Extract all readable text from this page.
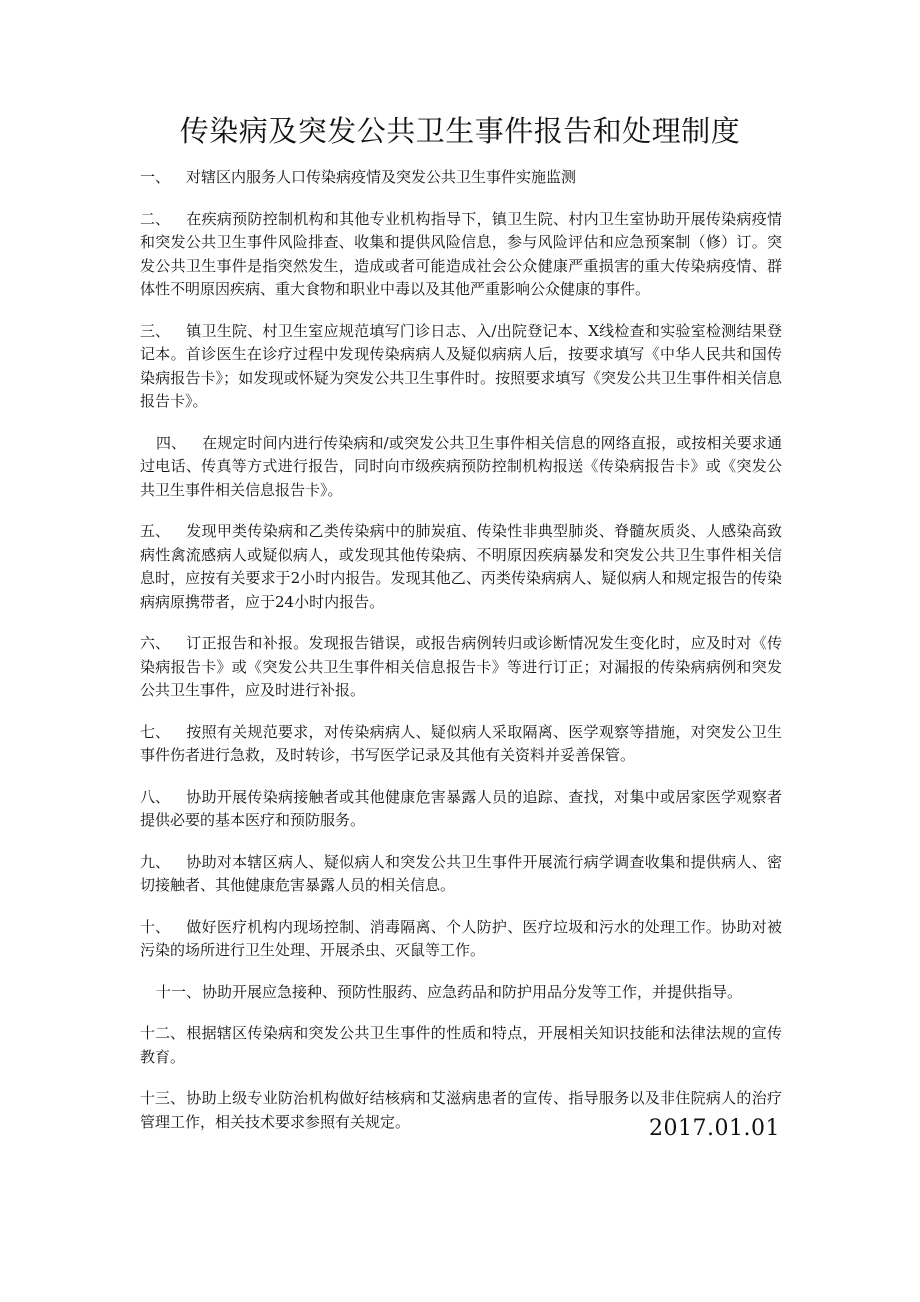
传染病及突发公共卫生事件报告和处理制度

一、 对辖区内服务人口传染病疫情及突发公共卫生事件实施监测

二、 在疾病预防控制机构和其他专业机构指导下，镇卫生院、村内卫生室协助开展传染病疫情和突发公共卫生事件风险排查、收集和提供风险信息，参与风险评估和应急预案制（修）订。突发公共卫生事件是指突然发生，造成或者可能造成社会公众健康严重损害的重大传染病疫情、群体性不明原因疾病、重大食物和职业中毒以及其他严重影响公众健康的事件。

三、 镇卫生院、村卫生室应规范填写门诊日志、入/出院登记本、X线检查和实验室检测结果登记本。首诊医生在诊疗过程中发现传染病病人及疑似病病人后，按要求填写《中华人民共和国传染病报告卡》；如发现或怀疑为突发公共卫生事件时。按照要求填写《突发公共卫生事件相关信息报告卡》。

四、 在规定时间内进行传染病和/或突发公共卫生事件相关信息的网络直报，或按相关要求通过电话、传真等方式进行报告，同时向市级疾病预防控制机构报送《传染病报告卡》或《突发公共卫生事件相关信息报告卡》。

五、 发现甲类传染病和乙类传染病中的肺炭疽、传染性非典型肺炎、脊髓灰质炎、人感染高致病性禽流感病人或疑似病人，或发现其他传染病、不明原因疾病暴发和突发公共卫生事件相关信息时，应按有关要求于2小时内报告。发现其他乙、丙类传染病病人、疑似病人和规定报告的传染病病原携带者，应于24小时内报告。

六、 订正报告和补报。发现报告错误，或报告病例转归或诊断情况发生变化时，应及时对《传染病报告卡》或《突发公共卫生事件相关信息报告卡》等进行订正；对漏报的传染病病例和突发公共卫生事件，应及时进行补报。

七、 按照有关规范要求，对传染病病人、疑似病人采取隔离、医学观察等措施，对突发公卫生事件伤者进行急救，及时转诊，书写医学记录及其他有关资料并妥善保管。

八、 协助开展传染病接触者或其他健康危害暴露人员的追踪、查找，对集中或居家医学观察者提供必要的基本医疗和预防服务。

九、 协助对本辖区病人、疑似病人和突发公共卫生事件开展流行病学调查收集和提供病人、密切接触者、其他健康危害暴露人员的相关信息。

十、 做好医疗机构内现场控制、消毒隔离、个人防护、医疗垃圾和污水的处理工作。协助对被污染的场所进行卫生处理、开展杀虫、灭鼠等工作。

十一、协助开展应急接种、预防性服药、应急药品和防护用品分发等工作，并提供指导。

十二、根据辖区传染病和突发公共卫生事件的性质和特点，开展相关知识技能和法律法规的宣传教育。

十三、协助上级专业防治机构做好结核病和艾滋病患者的宣传、指导服务以及非住院病人的治疗管理工作，相关技术要求参照有关规定。	2017.01.01
